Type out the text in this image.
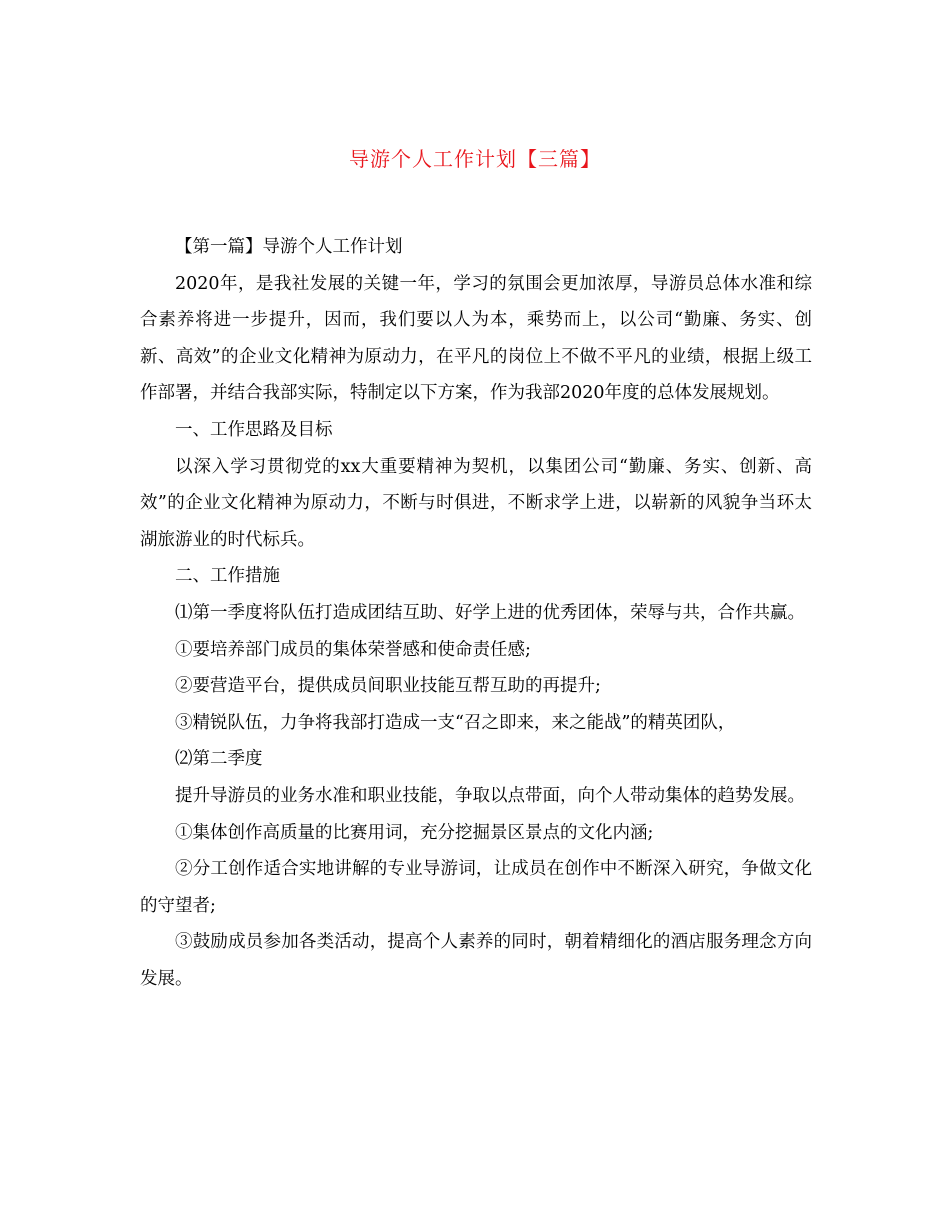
导游个人工作计划【三篇】

【第一篇】导游个人工作计划

2020年，是我社发展的关键一年，学习的氛围会更加浓厚，导游员总体水准和综合素养将进一步提升，因而，我们要以人为本，乘势而上，以公司“勤廉、务实、创新、高效”的企业文化精神为原动力，在平凡的岗位上不做不平凡的业绩，根据上级工作部署，并结合我部实际，特制定以下方案，作为我部2020年度的总体发展规划。

一、工作思路及目标

以深入学习贯彻党的xx大重要精神为契机，以集团公司“勤廉、务实、创新、高效”的企业文化精神为原动力，不断与时俱进，不断求学上进，以崭新的风貌争当环太湖旅游业的时代标兵。

二、工作措施

⑴第一季度将队伍打造成团结互助、好学上进的优秀团体，荣辱与共，合作共赢。

①要培养部门成员的集体荣誉感和使命责任感;

②要营造平台，提供成员间职业技能互帮互助的再提升;

③精锐队伍，力争将我部打造成一支“召之即来，来之能战”的精英团队，

⑵第二季度

提升导游员的业务水准和职业技能，争取以点带面，向个人带动集体的趋势发展。

①集体创作高质量的比赛用词，充分挖掘景区景点的文化内涵;

②分工创作适合实地讲解的专业导游词，让成员在创作中不断深入研究，争做文化的守望者;

③鼓励成员参加各类活动，提高个人素养的同时，朝着精细化的酒店服务理念方向发展。
